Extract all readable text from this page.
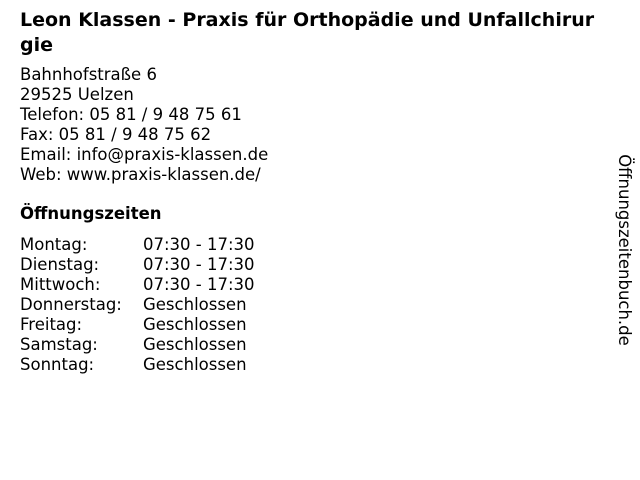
Leon Klassen - Praxis für Orthopädie und Unfallchirurgie
Bahnhofstraße 6
29525 Uelzen
Telefon: 05 81 / 9 48 75 61
Fax: 05 81 / 9 48 75 62
Email: info@praxis-klassen.de
Web: www.praxis-klassen.de/
Öffnungszeiten
Montag:	07:30 - 17:30
Dienstag:	07:30 - 17:30
Mittwoch:	07:30 - 17:30
Donnerstag:	Geschlossen
Freitag:	Geschlossen
Samstag:	Geschlossen
Sonntag:	Geschlossen
Öffnungszeitenbuch.de
